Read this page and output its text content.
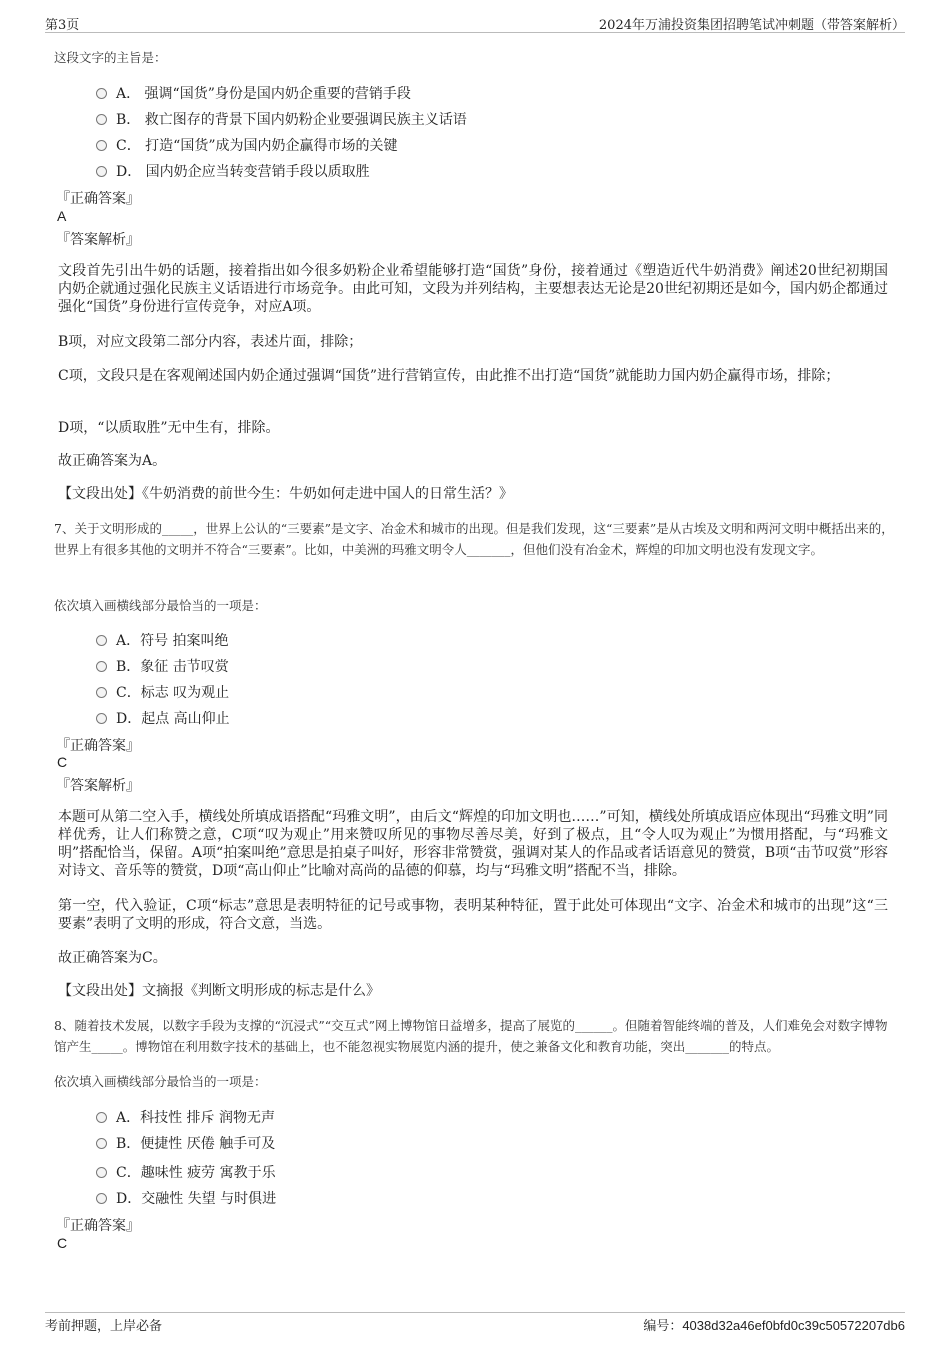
第3页	2024年万浦投资集团招聘笔试冲刺题（带答案解析）
这段文字的主旨是：
A． 强调“国货”身份是国内奶企重要的营销手段
B． 救亡图存的背景下国内奶粉企业要强调民族主义话语
C． 打造“国货”成为国内奶企赢得市场的关键
D． 国内奶企应当转变营销手段以质取胜
『正确答案』
A
『答案解析』
文段首先引出牛奶的话题，接着指出如今很多奶粉企业希望能够打造“国货”身份，接着通过《塑造近代牛奶消费》阐述20世纪初期国内奶企就通过强化民族主义话语进行市场竞争。由此可知，文段为并列结构，主要想表达无论是20世纪初期还是如今，国内奶企都通过强化“国货”身份进行宣传竞争，对应A项。
B项，对应文段第二部分内容，表述片面，排除；
C项，文段只是在客观阐述国内奶企通过强调“国货”进行营销宣传，由此推不出打造“国货”就能助力国内奶企赢得市场，排除；
D项，“以质取胜”无中生有，排除。
故正确答案为A。
【文段出处】《牛奶消费的前世今生：牛奶如何走进中国人的日常生活？》
7、关于文明形成的_____，世界上公认的“三要素”是文字、冶金术和城市的出现。但是我们发现，这“三要素”是从古埃及文明和两河文明中概括出来的，世界上有很多其他的文明并不符合“三要素”。比如，中美洲的玛雅文明令人_______，但他们没有冶金术，辉煌的印加文明也没有发现文字。
依次填入画横线部分最恰当的一项是：
A．符号 拍案叫绝
B．象征 击节叹赏
C．标志 叹为观止
D．起点 高山仰止
『正确答案』
C
『答案解析』
本题可从第二空入手，横线处所填成语搭配“玛雅文明”，由后文“辉煌的印加文明也……”可知，横线处所填成语应体现出“玛雅文明”同样优秀，让人们称赞之意，C项“叹为观止”用来赞叹所见的事物尽善尽美，好到了极点，且“令人叹为观止”为惯用搭配，与“玛雅文明”搭配恰当，保留。A项“拍案叫绝”意思是拍桌子叫好，形容非常赞赏，强调对某人的作品或者话语意见的赞赏，B项“击节叹赏”形容对诗文、音乐等的赞赏，D项“高山仰止”比喻对高尚的品德的仰慕，均与“玛雅文明”搭配不当，排除。
第一空，代入验证，C项“标志”意思是表明特征的记号或事物，表明某种特征，置于此处可体现出“文字、冶金术和城市的出现”这“三要素”表明了文明的形成，符合文意，当选。
故正确答案为C。
【文段出处】文摘报《判断文明形成的标志是什么》
8、随着技术发展，以数字手段为支撑的“沉浸式”“交互式”网上博物馆日益增多，提高了展览的______。但随着智能终端的普及，人们难免会对数字博物馆产生_____。博物馆在利用数字技术的基础上，也不能忽视实物展览内涵的提升，使之兼备文化和教育功能，突出_______的特点。
依次填入画横线部分最恰当的一项是：
A．科技性 排斥 润物无声
B．便捷性 厌倦 触手可及
C．趣味性 疲劳 寓教于乐
D．交融性 失望 与时俱进
『正确答案』
C
考前押题，上岸必备	编号：4038d32a46ef0bfd0c39c50572207db6
